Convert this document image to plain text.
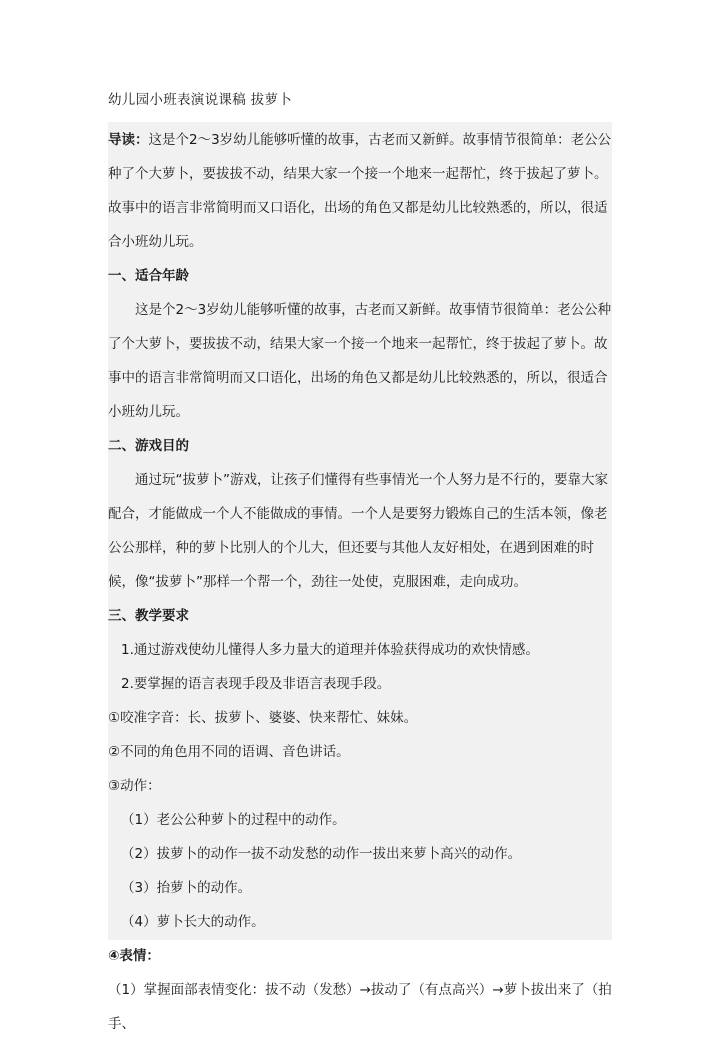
幼儿园小班表演说课稿 拔萝卜

导读：这是个2～3岁幼儿能够听懂的故事，古老而又新鲜。故事情节很简单：老公公种了个大萝卜，要拔拔不动，结果大家一个接一个地来一起帮忙，终于拔起了萝卜。故事中的语言非常简明而又口语化，出场的角色又都是幼儿比较熟悉的，所以，很适合小班幼儿玩。

一、适合年龄

这是个2～3岁幼儿能够听懂的故事，古老而又新鲜。故事情节很简单：老公公种了个大萝卜，要拔拔不动，结果大家一个接一个地来一起帮忙，终于拔起了萝卜。故事中的语言非常简明而又口语化，出场的角色又都是幼儿比较熟悉的，所以，很适合小班幼儿玩。

二、游戏目的

通过玩“拔萝卜”游戏，让孩子们懂得有些事情光一个人努力是不行的，要靠大家配合，才能做成一个人不能做成的事情。一个人是要努力锻炼自己的生活本领，像老公公那样，种的萝卜比别人的个儿大，但还要与其他人友好相处，在遇到困难的时候，像“拔萝卜”那样一个帮一个，劲往一处使，克服困难，走向成功。

三、教学要求

1.通过游戏使幼儿懂得人多力量大的道理并体验获得成功的欢快情感。

2.要掌握的语言表现手段及非语言表现手段。

①咬准字音：长、拔萝卜、婆婆、快来帮忙、妹妹。

②不同的角色用不同的语调、音色讲话。

③动作：

（1）老公公种萝卜的过程中的动作。

（2）拔萝卜的动作一拔不动发愁的动作一拔出来萝卜高兴的动作。

（3）抬萝卜的动作。

（4）萝卜长大的动作。

④表情：

（1）掌握面部表情变化：拔不动（发愁）→拔动了（有点高兴）→萝卜拔出来了（拍手、
